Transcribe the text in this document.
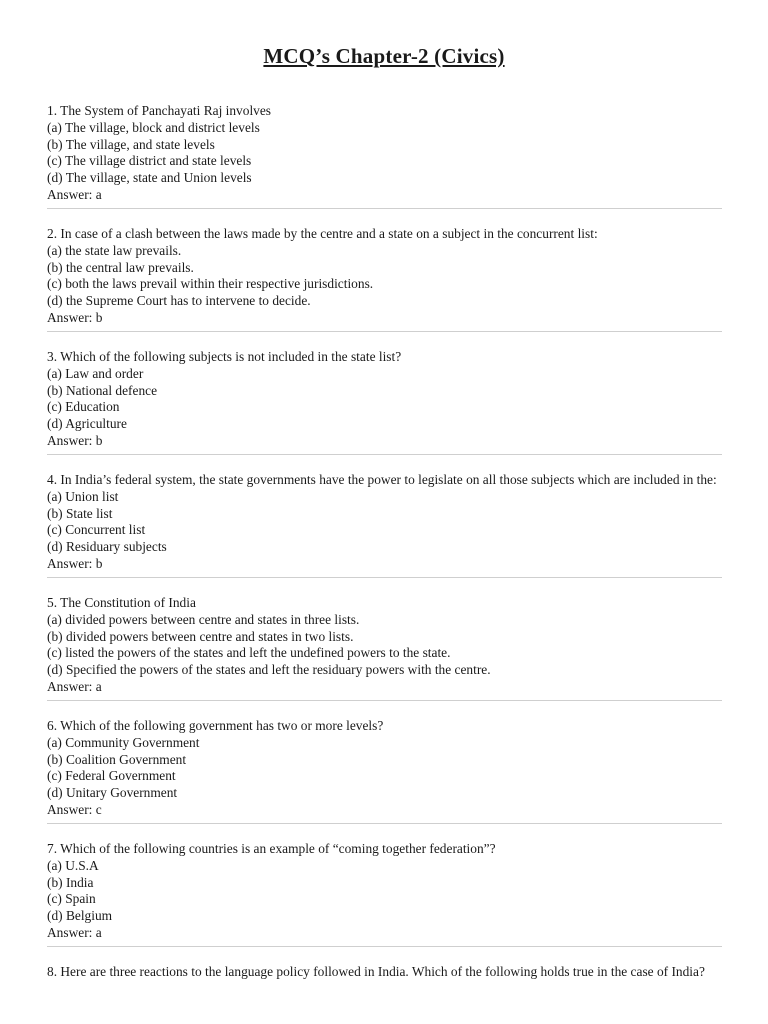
MCQ’s Chapter-2 (Civics)
1. The System of Panchayati Raj involves
(a) The village, block and district levels
(b) The village, and state levels
(c) The village district and state levels
(d) The village, state and Union levels
Answer: a
2. In case of a clash between the laws made by the centre and a state on a subject in the concurrent list:
(a) the state law prevails.
(b) the central law prevails.
(c) both the laws prevail within their respective jurisdictions.
(d) the Supreme Court has to intervene to decide.
Answer: b
3. Which of the following subjects is not included in the state list?
(a) Law and order
(b) National defence
(c) Education
(d) Agriculture
Answer: b
4. In India’s federal system, the state governments have the power to legislate on all those subjects which are included in the:
(a) Union list
(b) State list
(c) Concurrent list
(d) Residuary subjects
Answer: b
5. The Constitution of India
(a) divided powers between centre and states in three lists.
(b) divided powers between centre and states in two lists.
(c) listed the powers of the states and left the undefined powers to the state.
(d) Specified the powers of the states and left the residuary powers with the centre.
Answer: a
6. Which of the following government has two or more levels?
(a) Community Government
(b) Coalition Government
(c) Federal Government
(d) Unitary Government
Answer: c
7. Which of the following countries is an example of “coming together federation”?
(a) U.S.A
(b) India
(c) Spain
(d) Belgium
Answer: a
8. Here are three reactions to the language policy followed in India. Which of the following holds true in the case of India?
